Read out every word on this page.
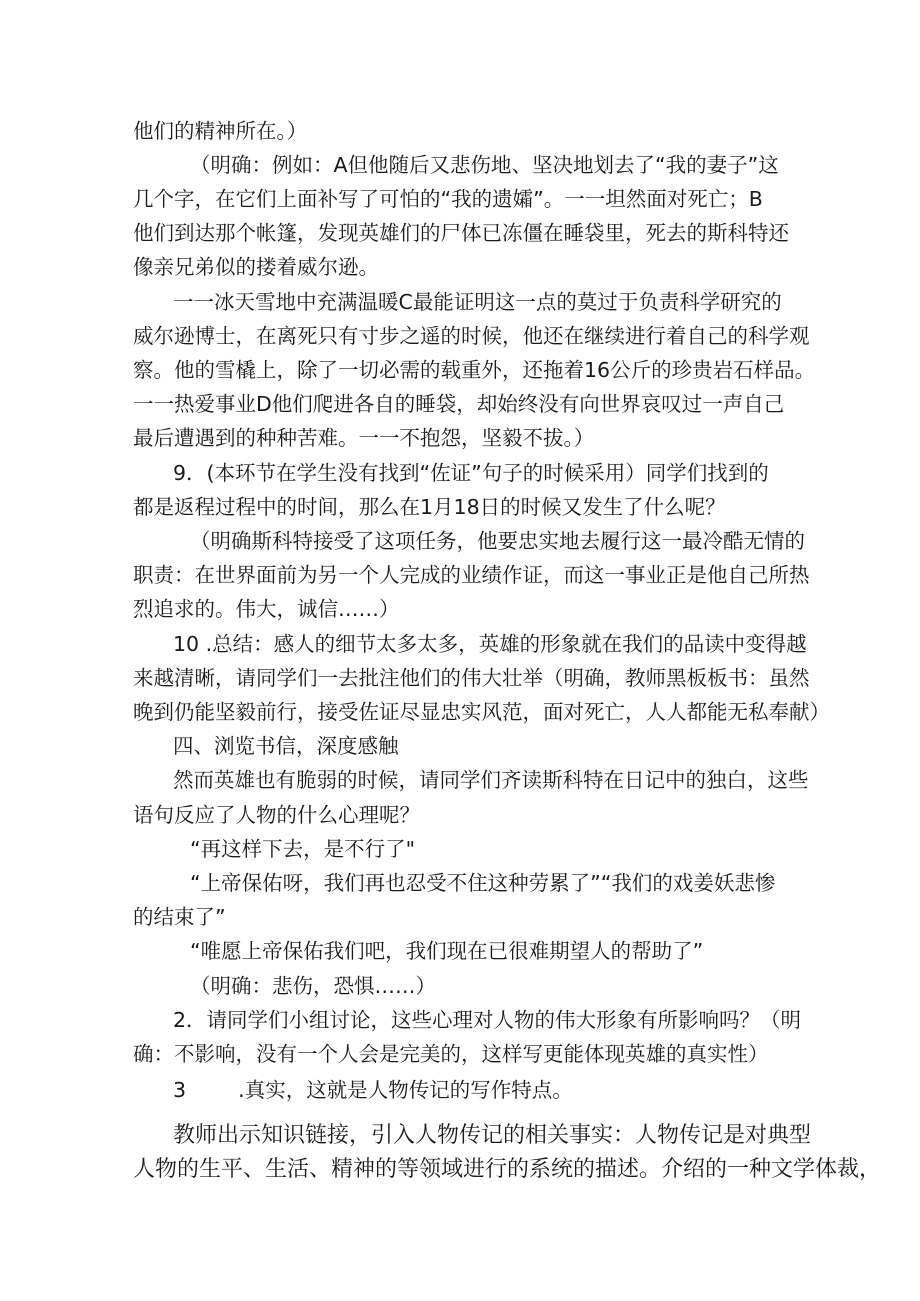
他们的精神所在。）
（明确：例如：A但他随后又悲伤地、坚决地划去了“我的妻子”这
几个字，在它们上面补写了可怕的“我的遗孀”。一一坦然面对死亡；B
他们到达那个帐篷，发现英雄们的尸体已冻僵在睡袋里，死去的斯科特还
像亲兄弟似的搂着威尔逊。
一一冰天雪地中充满温暖C最能证明这一点的莫过于负责科学研究的
威尔逊博士，在离死只有寸步之遥的时候，他还在继续进行着自己的科学观
察。他的雪橇上，除了一切必需的载重外，还拖着16公斤的珍贵岩石样品。
一一热爱事业D他们爬进各自的睡袋，却始终没有向世界哀叹过一声自己
最后遭遇到的种种苦难。一一不抱怨，坚毅不拔。）
9．(本环节在学生没有找到“佐证”句子的时候采用）同学们找到的
都是返程过程中的时间，那么在1月18日的时候又发生了什么呢？
（明确斯科特接受了这项任务，他要忠实地去履行这一最冷酷无情的
职责：在世界面前为另一个人完成的业绩作证，而这一事业正是他自己所热
烈追求的。伟大，诚信……）
10 .总结：感人的细节太多太多，英雄的形象就在我们的品读中变得越
来越清晰，请同学们一去批注他们的伟大壮举（明确，教师黑板板书：虽然
晚到仍能坚毅前行，接受佐证尽显忠实风范，面对死亡，人人都能无私奉献）
四、浏览书信，深度感触
然而英雄也有脆弱的时候，请同学们齐读斯科特在日记中的独白，这些
语句反应了人物的什么心理呢？
“再这样下去，是不行了"
“上帝保佑呀，我们再也忍受不住这种劳累了”“我们的戏姜妖悲惨
的结束了”
“唯愿上帝保佑我们吧，我们现在已很难期望人的帮助了”
（明确：悲伤，恐惧……）
2．请同学们小组讨论，这些心理对人物的伟大形象有所影响吗？（明
确：不影响，没有一个人会是完美的，这样写更能体现英雄的真实性）
3        .真实，这就是人物传记的写作特点。
教师出示知识链接，引入人物传记的相关事实：人物传记是对典型
人物的生平、生活、精神的等领域进行的系统的描述。介绍的一种文学体裁，
